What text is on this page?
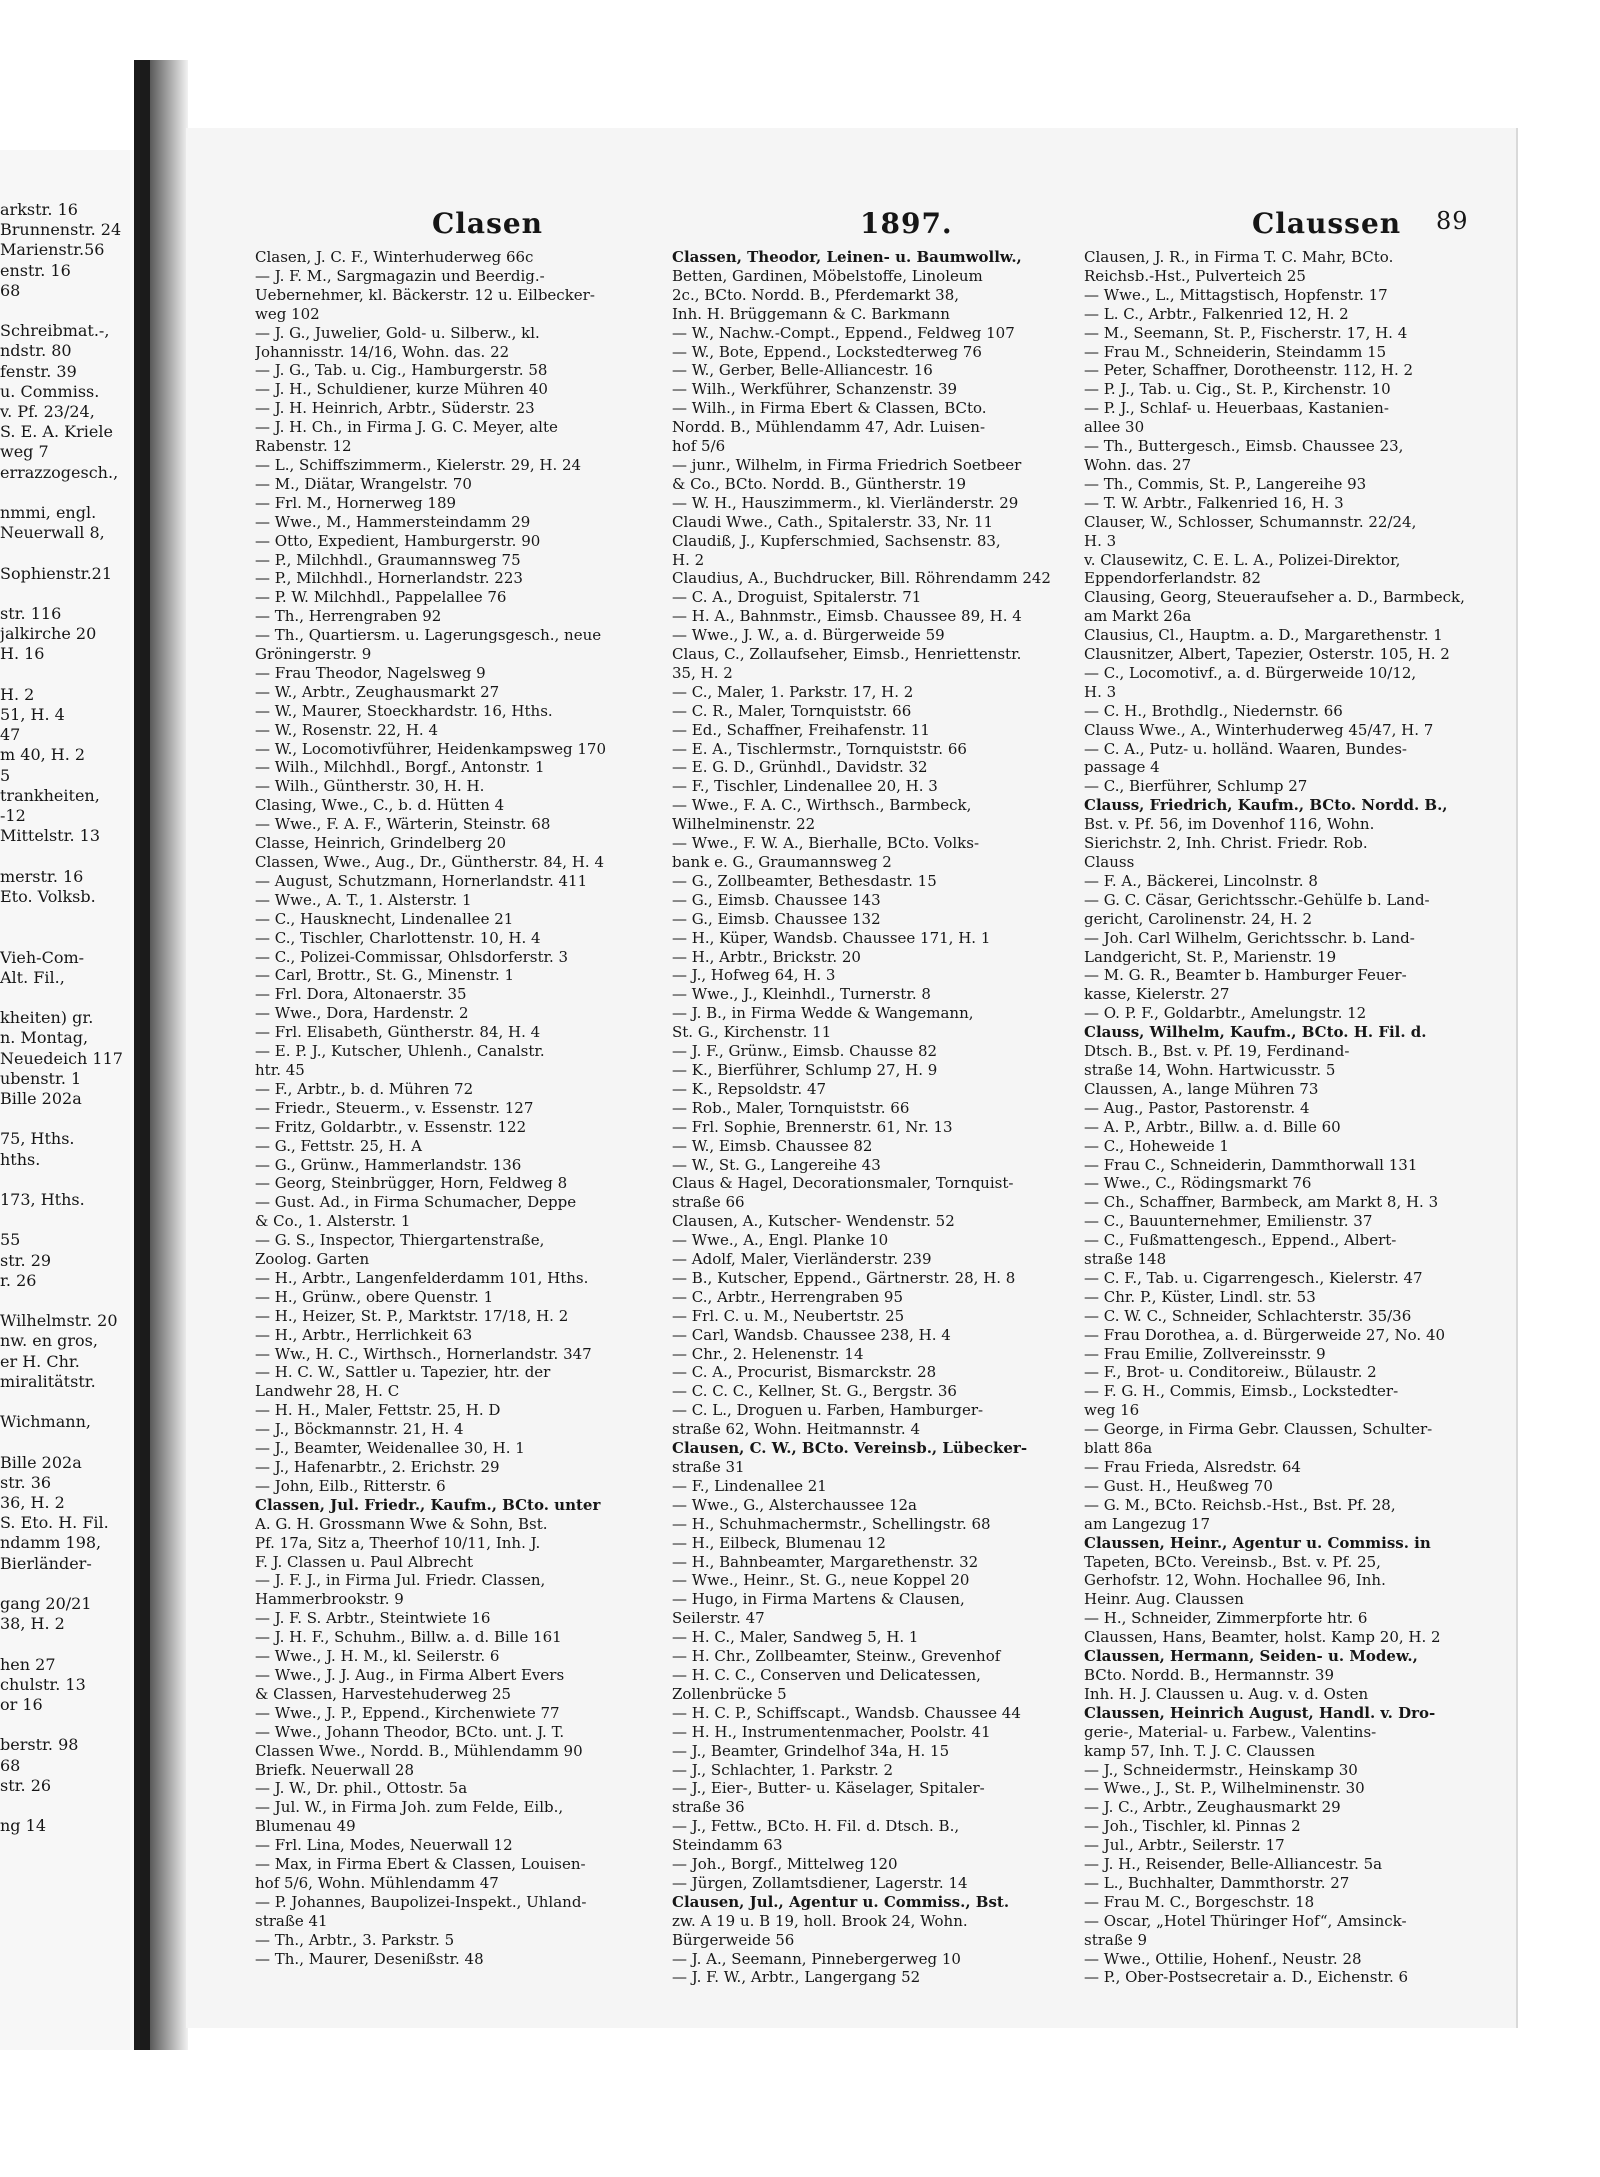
arkstr. 16
Brunnenstr. 24
Marienstr.56
enstr. 16
68

Schreibmat.-,
ndstr. 80
fenstr. 39
u. Commiss.
v. Pf. 23/24,
S. E. A. Kriele
weg 7
errazzogesch.,

nmmi, engl.
Neuerwall 8,

Sophienstr.21

str. 116
jalkirche 20
H. 16

H. 2
51, H. 4
47
m 40, H. 2
5
trankheiten,
-12
Mittelstr. 13

merstr. 16
Eto. Volksb.

Vieh-Com-
Alt. Fil.,

kheiten) gr.
n. Montag,
Neuedeich 117
ubenstr. 1
Bille 202a

75, Hths.
hths.

173, Hths.

55
str. 29
r. 26

Wilhelmstr. 20
nw. en gros,
er H. Chr.
miralitätstr.

Wichmann,

Bille 202a
str. 36
36, H. 2
S. Eto. H. Fil.
ndamm 198,
Bierländer-

gang 20/21
38, H. 2

hen 27
chulstr. 13
or 16

berstr. 98
68
str. 26

ng 14
Clasen	1897.	Claussen 89
Clasen, J. C. F., Winterhuderweg 66c
— J. F. M., Sargmagazin und Beerdig.-
Uebernehmer, kl. Bäckerstr. 12 u. Eilbecker-
weg 102
— J. G., Juwelier, Gold- u. Silberw., kl.
Johannisstr. 14/16, Wohn. das. 22
— J. G., Tab. u. Cig., Hamburgerstr. 58
— J. H., Schuldiener, kurze Mühren 40
— J. H. Heinrich, Arbtr., Süderstr. 23
— J. H. Ch., in Firma J. G. C. Meyer, alte
Rabenstr. 12
— L., Schiffszimmerm., Kielerstr. 29, H. 24
— M., Diätar, Wrangelstr. 70
— Frl. M., Hornerweg 189
— Wwe., M., Hammersteindamm 29
— Otto, Expedient, Hamburgerstr. 90
— P., Milchhdl., Graumannsweg 75
— P., Milchhdl., Hornerlandstr. 223
— P. W. Milchhdl., Pappelallee 76
— Th., Herrengraben 92
— Th., Quartiersm. u. Lagerungsgesch., neue
Gröningerstr. 9
— Frau Theodor, Nagelsweg 9
— W., Arbtr., Zeughausmarkt 27
— W., Maurer, Stoeckhardstr. 16, Hths.
— W., Rosenstr. 22, H. 4
— W., Locomotivführer, Heidenkampsweg 170
— Wilh., Milchhdl., Borgf., Antonstr. 1
— Wilh., Güntherstr. 30, H. H.
Clasing, Wwe., C., b. d. Hütten 4
— Wwe., F. A. F., Wärterin, Steinstr. 68
Classe, Heinrich, Grindelberg 20
Classen, Wwe., Aug., Dr., Güntherstr. 84, H. 4
— August, Schutzmann, Hornerlandstr. 411
— Wwe., A. T., 1. Alsterstr. 1
— C., Hausknecht, Lindenallee 21
— C., Tischler, Charlottenstr. 10, H. 4
— C., Polizei-Commissar, Ohlsdorferstr. 3
— Carl, Brottr., St. G., Minenstr. 1
— Frl. Dora, Altonaerstr. 35
— Wwe., Dora, Hardenstr. 2
— Frl. Elisabeth, Güntherstr. 84, H. 4
— E. P. J., Kutscher, Uhlenh., Canalstr.
htr. 45
— F., Arbtr., b. d. Mühren 72
— Friedr., Steuerm., v. Essenstr. 127
— Fritz, Goldarbtr., v. Essenstr. 122
— G., Fettstr. 25, H. A
— G., Grünw., Hammerlandstr. 136
— Georg, Steinbrügger, Horn, Feldweg 8
— Gust. Ad., in Firma Schumacher, Deppe
& Co., 1. Alsterstr. 1
— G. S., Inspector, Thiergartenstraße,
Zoolog. Garten
— H., Arbtr., Langenfelderdamm 101, Hths.
— H., Grünw., obere Quenstr. 1
— H., Heizer, St. P., Marktstr. 17/18, H. 2
— H., Arbtr., Herrlichkeit 63
— Ww., H. C., Wirthsch., Hornerlandstr. 347
— H. C. W., Sattler u. Tapezier, htr. der
Landwehr 28, H. C
— H. H., Maler, Fettstr. 25, H. D
— J., Böckmannstr. 21, H. 4
— J., Beamter, Weidenallee 30, H. 1
— J., Hafenarbtr., 2. Erichstr. 29
— John, Eilb., Ritterstr. 6
Classen, Jul. Friedr., Kaufm., BCto. unter
A. G. H. Grossmann Wwe & Sohn, Bst.
Pf. 17a, Sitz a, Theerhof 10/11, Inh. J.
F. J. Classen u. Paul Albrecht
— J. F. J., in Firma Jul. Friedr. Classen,
Hammerbrookstr. 9
— J. F. S. Arbtr., Steintwiete 16
— J. H. F., Schuhm., Billw. a. d. Bille 161
— Wwe., J. H. M., kl. Seilerstr. 6
— Wwe., J. J. Aug., in Firma Albert Evers
& Classen, Harvestehuderweg 25
— Wwe., J. P., Eppend., Kirchenwiete 77
— Wwe., Johann Theodor, BCto. unt. J. T.
Classen Wwe., Nordd. B., Mühlendamm 90
Briefk. Neuerwall 28
— J. W., Dr. phil., Ottostr. 5a
— Jul. W., in Firma Joh. zum Felde, Eilb.,
Blumenau 49
— Frl. Lina, Modes, Neuerwall 12
— Max, in Firma Ebert & Classen, Louisen-
hof 5/6, Wohn. Mühlendamm 47
— P. Johannes, Baupolizei-Inspekt., Uhland-
straße 41
— Th., Arbtr., 3. Parkstr. 5
— Th., Maurer, Desenißstr. 48
Classen, Theodor, Leinen- u. Baumwollw.,
Betten, Gardinen, Möbelstoffe, Linoleum
2c., BCto. Nordd. B., Pferdemarkt 38,
Inh. H. Brüggemann & C. Barkmann
— W., Nachw.-Compt., Eppend., Feldweg 107
— W., Bote, Eppend., Lockstedterweg 76
— W., Gerber, Belle-Alliancestr. 16
— Wilh., Werkführer, Schanzenstr. 39
— Wilh., in Firma Ebert & Classen, BCto.
Nordd. B., Mühlendamm 47, Adr. Luisen-
hof 5/6
— junr., Wilhelm, in Firma Friedrich Soetbeer
& Co., BCto. Nordd. B., Güntherstr. 19
— W. H., Hauszimmerm., kl. Vierländerstr. 29
Claudi Wwe., Cath., Spitalerstr. 33, Nr. 11
Claudiß, J., Kupferschmied, Sachsenstr. 83,
H. 2
Claudius, A., Buchdrucker, Bill. Röhrendamm 242
— C. A., Droguist, Spitalerstr. 71
— H. A., Bahnmstr., Eimsb. Chaussee 89, H. 4
— Wwe., J. W., a. d. Bürgerweide 59
Claus, C., Zollaufseher, Eimsb., Henriettenstr.
35, H. 2
— C., Maler, 1. Parkstr. 17, H. 2
— C. R., Maler, Tornquiststr. 66
— Ed., Schaffner, Freihafenstr. 11
— E. A., Tischlermstr., Tornquiststr. 66
— E. G. D., Grünhdl., Davidstr. 32
— F., Tischler, Lindenallee 20, H. 3
— Wwe., F. A. C., Wirthsch., Barmbeck,
Wilhelminenstr. 22
— Wwe., F. W. A., Bierhalle, BCto. Volks-
bank e. G., Graumannsweg 2
— G., Zollbeamter, Bethesdastr. 15
— G., Eimsb. Chaussee 143
— G., Eimsb. Chaussee 132
— H., Küper, Wandsb. Chaussee 171, H. 1
— H., Arbtr., Brickstr. 20
— J., Hofweg 64, H. 3
— Wwe., J., Kleinhdl., Turnerstr. 8
— J. B., in Firma Wedde & Wangemann,
St. G., Kirchenstr. 11
— J. F., Grünw., Eimsb. Chausse 82
— K., Bierführer, Schlump 27, H. 9
— K., Repsoldstr. 47
— Rob., Maler, Tornquiststr. 66
— Frl. Sophie, Brennerstr. 61, Nr. 13
— W., Eimsb. Chaussee 82
— W., St. G., Langereihe 43
Claus & Hagel, Decorationsmaler, Tornquist-
straße 66
Clausen, A., Kutscher- Wendenstr. 52
— Wwe., A., Engl. Planke 10
— Adolf, Maler, Vierländerstr. 239
— B., Kutscher, Eppend., Gärtnerstr. 28, H. 8
— C., Arbtr., Herrengraben 95
— Frl. C. u. M., Neubertstr. 25
— Carl, Wandsb. Chaussee 238, H. 4
— Chr., 2. Helenenstr. 14
— C. A., Procurist, Bismarckstr. 28
— C. C. C., Kellner, St. G., Bergstr. 36
— C. L., Droguen u. Farben, Hamburger-
straße 62, Wohn. Heitmannstr. 4
Clausen, C. W., BCto. Vereinsb., Lübecker-
straße 31
— F., Lindenallee 21
— Wwe., G., Alsterchaussee 12a
— H., Schuhmachermstr., Schellingstr. 68
— H., Eilbeck, Blumenau 12
— H., Bahnbeamter, Margarethenstr. 32
— Wwe., Heinr., St. G., neue Koppel 20
— Hugo, in Firma Martens & Clausen,
Seilerstr. 47
— H. C., Maler, Sandweg 5, H. 1
— H. Chr., Zollbeamter, Steinw., Grevenhof
— H. C. C., Conserven und Delicatessen,
Zollenbrücke 5
— H. C. P., Schiffscapt., Wandsb. Chaussee 44
— H. H., Instrumentenmacher, Poolstr. 41
— J., Beamter, Grindelhof 34a, H. 15
— J., Schlachter, 1. Parkstr. 2
— J., Eier-, Butter- u. Käselager, Spitaler-
straße 36
— J., Fettw., BCto. H. Fil. d. Dtsch. B.,
Steindamm 63
— Joh., Borgf., Mittelweg 120
— Jürgen, Zollamtsdiener, Lagerstr. 14
Clausen, Jul., Agentur u. Commiss., Bst.
zw. A 19 u. B 19, holl. Brook 24, Wohn.
Bürgerweide 56
— J. A., Seemann, Pinnebergerweg 10
— J. F. W., Arbtr., Langergang 52
Clausen, J. R., in Firma T. C. Mahr, BCto.
Reichsb.-Hst., Pulverteich 25
— Wwe., L., Mittagstisch, Hopfenstr. 17
— L. C., Arbtr., Falkenried 12, H. 2
— M., Seemann, St. P., Fischerstr. 17, H. 4
— Frau M., Schneiderin, Steindamm 15
— Peter, Schaffner, Dorotheenstr. 112, H. 2
— P. J., Tab. u. Cig., St. P., Kirchenstr. 10
— P. J., Schlaf- u. Heuerbaas, Kastanien-
allee 30
— Th., Buttergesch., Eimsb. Chaussee 23,
Wohn. das. 27
— Th., Commis, St. P., Langereihe 93
— T. W. Arbtr., Falkenried 16, H. 3
Clauser, W., Schlosser, Schumannstr. 22/24,
H. 3
v. Clausewitz, C. E. L. A., Polizei-Direktor,
Eppendorferlandstr. 82
Clausing, Georg, Steueraufseher a. D., Barmbeck,
am Markt 26a
Clausius, Cl., Hauptm. a. D., Margarethenstr. 1
Clausnitzer, Albert, Tapezier, Osterstr. 105, H. 2
— C., Locomotivf., a. d. Bürgerweide 10/12,
H. 3
— C. H., Brothdlg., Niedernstr. 66
Clauss Wwe., A., Winterhuderweg 45/47, H. 7
— C. A., Putz- u. holländ. Waaren, Bundes-
passage 4
— C., Bierführer, Schlump 27
Clauss, Friedrich, Kaufm., BCto. Nordd. B.,
Bst. v. Pf. 56, im Dovenhof 116, Wohn.
Sierichstr. 2, Inh. Christ. Friedr. Rob.
Clauss
— F. A., Bäckerei, Lincolnstr. 8
— G. C. Cäsar, Gerichtsschr.-Gehülfe b. Land-
gericht, Carolinenstr. 24, H. 2
— Joh. Carl Wilhelm, Gerichtsschr. b. Land-
Landgericht, St. P., Marienstr. 19
— M. G. R., Beamter b. Hamburger Feuer-
kasse, Kielerstr. 27
— O. P. F., Goldarbtr., Amelungstr. 12
Clauss, Wilhelm, Kaufm., BCto. H. Fil. d.
Dtsch. B., Bst. v. Pf. 19, Ferdinand-
straße 14, Wohn. Hartwicusstr. 5
Claussen, A., lange Mühren 73
— Aug., Pastor, Pastorenstr. 4
— A. P., Arbtr., Billw. a. d. Bille 60
— C., Hoheweide 1
— Frau C., Schneiderin, Dammthorwall 131
— Wwe., C., Rödingsmarkt 76
— Ch., Schaffner, Barmbeck, am Markt 8, H. 3
— C., Bauunternehmer, Emilienstr. 37
— C., Fußmattengesch., Eppend., Albert-
straße 148
— C. F., Tab. u. Cigarrengesch., Kielerstr. 47
— Chr. P., Küster, Lindl. str. 53
— C. W. C., Schneider, Schlachterstr. 35/36
— Frau Dorothea, a. d. Bürgerweide 27, No. 40
— Frau Emilie, Zollvereinsstr. 9
— F., Brot- u. Conditoreiw., Bülaustr. 2
— F. G. H., Commis, Eimsb., Lockstedter-
weg 16
— George, in Firma Gebr. Claussen, Schulter-
blatt 86a
— Frau Frieda, Alsredstr. 64
— Gust. H., Heußweg 70
— G. M., BCto. Reichsb.-Hst., Bst. Pf. 28,
am Langezug 17
Claussen, Heinr., Agentur u. Commiss. in
Tapeten, BCto. Vereinsb., Bst. v. Pf. 25,
Gerhofstr. 12, Wohn. Hochallee 96, Inh.
Heinr. Aug. Claussen
— H., Schneider, Zimmerpforte htr. 6
Claussen, Hans, Beamter, holst. Kamp 20, H. 2
Claussen, Hermann, Seiden- u. Modew.,
BCto. Nordd. B., Hermannstr. 39
Inh. H. J. Claussen u. Aug. v. d. Osten
Claussen, Heinrich August, Handl. v. Dro-
gerie-, Material- u. Farbew., Valentins-
kamp 57, Inh. T. J. C. Claussen
— J., Schneidermstr., Heinskamp 30
— Wwe., J., St. P., Wilhelminenstr. 30
— J. C., Arbtr., Zeughausmarkt 29
— Joh., Tischler, kl. Pinnas 2
— Jul., Arbtr., Seilerstr. 17
— J. H., Reisender, Belle-Alliancestr. 5a
— L., Buchhalter, Dammthorstr. 27
— Frau M. C., Borgeschstr. 18
— Oscar, „Hotel Thüringer Hof“, Amsinck-
straße 9
— Wwe., Ottilie, Hohenf., Neustr. 28
— P., Ober-Postsecretair a. D., Eichenstr. 6
